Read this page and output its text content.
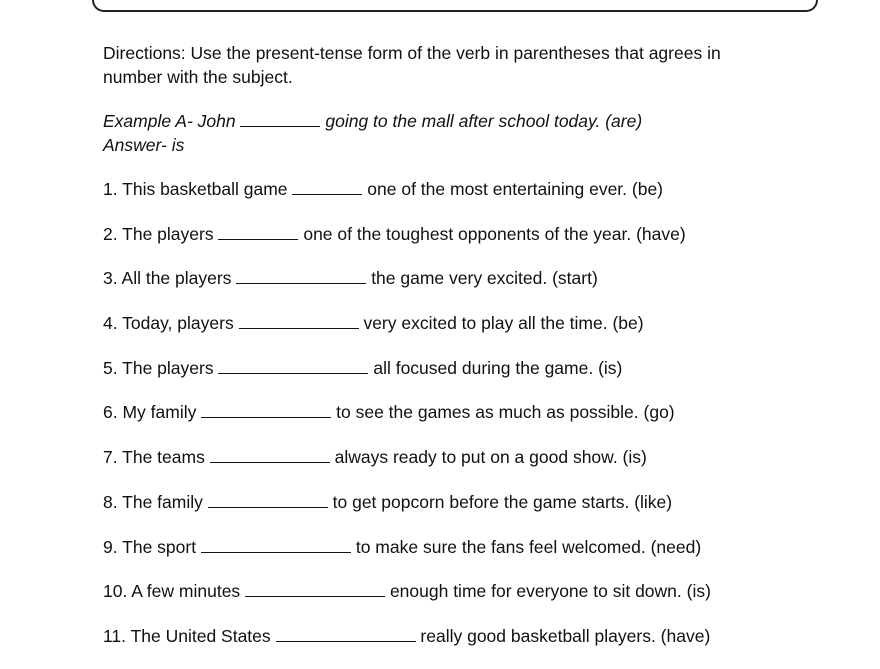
Directions: Use the present-tense form of the verb in parentheses that agrees in number with the subject.

Example A- John	going to the mall after school today. (are)
Answer- is
1. This basketball game	one of the most entertaining ever. (be)
2. The players	one of the toughest opponents of the year. (have)
3. All the players	the game very excited. (start)
4. Today, players	very excited to play all the time. (be)
5. The players	all focused during the game. (is)
6. My family	to see the games as much as possible. (go)
7. The teams	always ready to put on a good show. (is)
8. The family	to get popcorn before the game starts. (like)
9. The sport	to make sure the fans feel welcomed. (need)
10. A few minutes	enough time for everyone to sit down. (is)
11. The United States	really good basketball players. (have)
